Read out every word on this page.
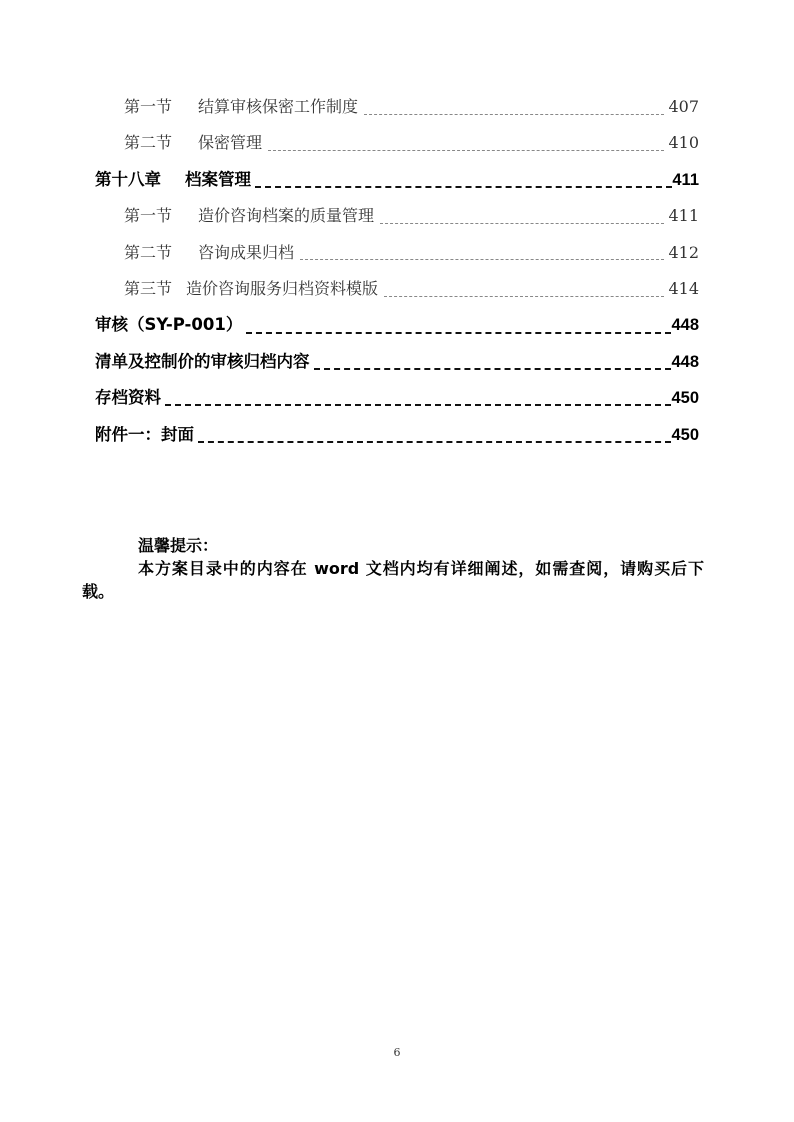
第一节	结算审核保密工作制度	407
第二节	保密管理	410
第十八章	档案管理	411
第一节	造价咨询档案的质量管理	411
第二节	咨询成果归档	412
第三节 造价咨询服务归档资料模版	414
审核（SY-P-001）	448
清单及控制价的审核归档内容	448
存档资料	450
附件一：封面	450
温馨提示：
本方案目录中的内容在 word 文档内均有详细阐述，如需查阅，请购买后下载。
6
